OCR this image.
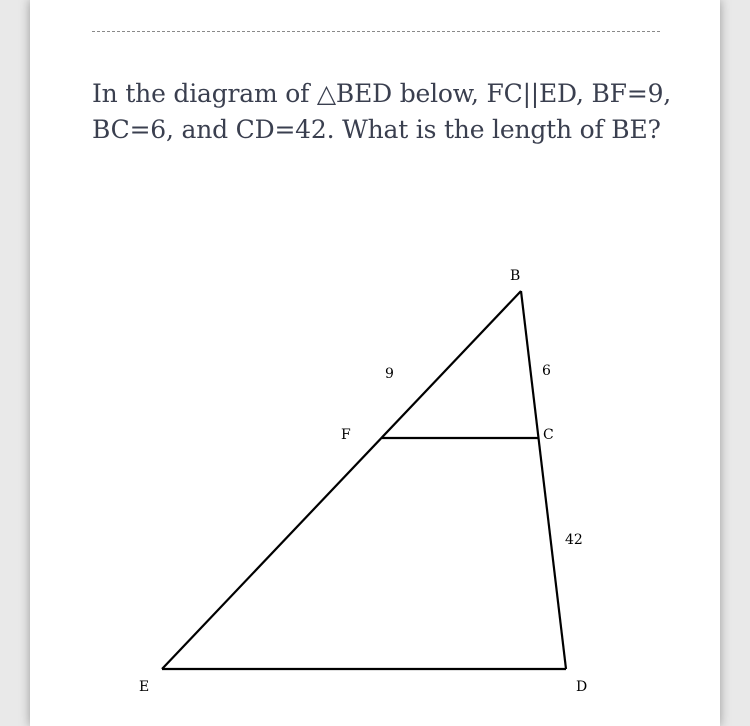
In the diagram of △BED below, FC||ED, BF=9, BC=6, and CD=42. What is the length of BE?

B
F	C
E	D
9	6
42
